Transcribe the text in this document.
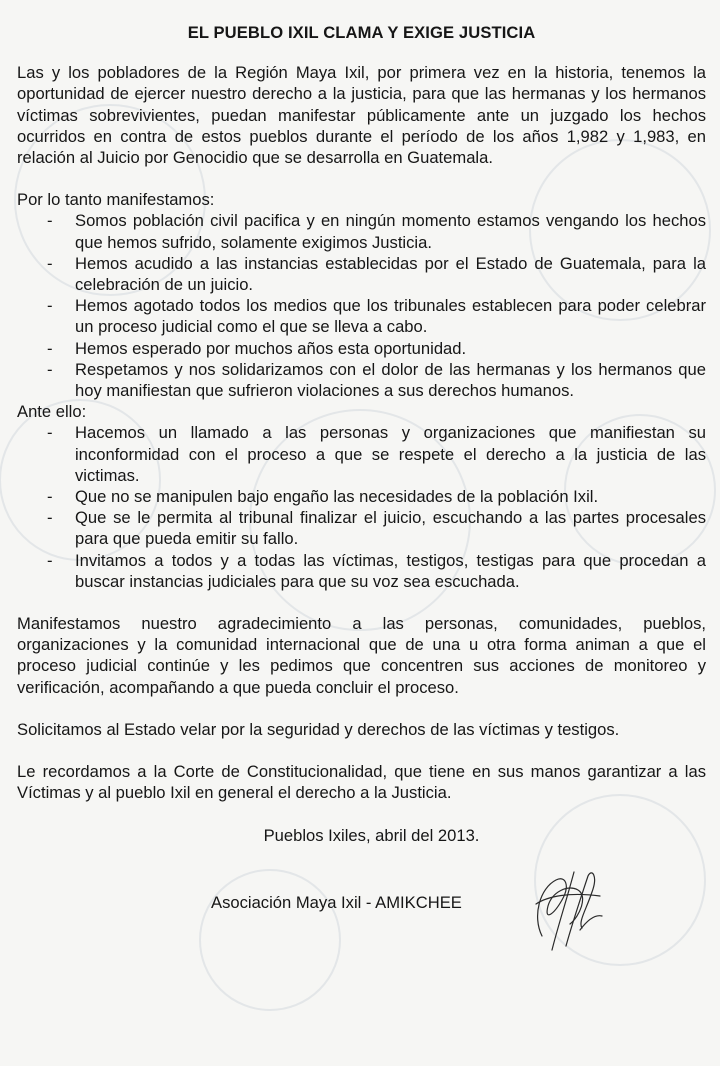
EL PUEBLO IXIL CLAMA Y EXIGE JUSTICIA

Las y los pobladores de la Región Maya Ixil, por primera vez en la historia, tenemos la oportunidad de ejercer nuestro derecho a la justicia, para que las hermanas y los hermanos víctimas sobrevivientes, puedan manifestar públicamente ante un juzgado los hechos ocurridos en contra de estos pueblos durante el período de los años 1,982 y 1,983, en relación al Juicio por Genocidio que se desarrolla en Guatemala.

Por lo tanto manifestamos:

- Somos población civil pacifica y en ningún momento estamos vengando los hechos que hemos sufrido, solamente exigimos Justicia.
- Hemos acudido a las instancias establecidas por el Estado de Guatemala, para la celebración de un juicio.
- Hemos agotado todos los medios que los tribunales establecen para poder celebrar un proceso judicial como el que se lleva a cabo.
- Hemos esperado por muchos años esta oportunidad.
- Respetamos y nos solidarizamos con el dolor de las hermanas y los hermanos que hoy manifiestan que sufrieron violaciones a sus derechos humanos.

Ante ello:

- Hacemos un llamado a las personas y organizaciones que manifiestan su inconformidad con el proceso a que se respete el derecho a la justicia de las victimas.
- Que no se manipulen bajo engaño las necesidades de la población Ixil.
- Que se le permita al tribunal finalizar el juicio, escuchando a las partes procesales para que pueda emitir su fallo.
- Invitamos a todos y a todas las víctimas, testigos, testigas para que procedan a buscar instancias judiciales para que su voz sea escuchada.

Manifestamos nuestro agradecimiento a las personas, comunidades, pueblos, organizaciones y la comunidad internacional que de una u otra forma animan a que el proceso judicial continúe y les pedimos que concentren sus acciones de monitoreo y verificación, acompañando a que pueda concluir el proceso.

Solicitamos al Estado velar por la seguridad y derechos de las víctimas y testigos.

Le recordamos a la Corte de Constitucionalidad, que tiene en sus manos garantizar a las Víctimas y al pueblo Ixil en general el derecho a la Justicia.

Pueblos Ixiles, abril del 2013.
Asociación Maya Ixil - AMIKCHEE
